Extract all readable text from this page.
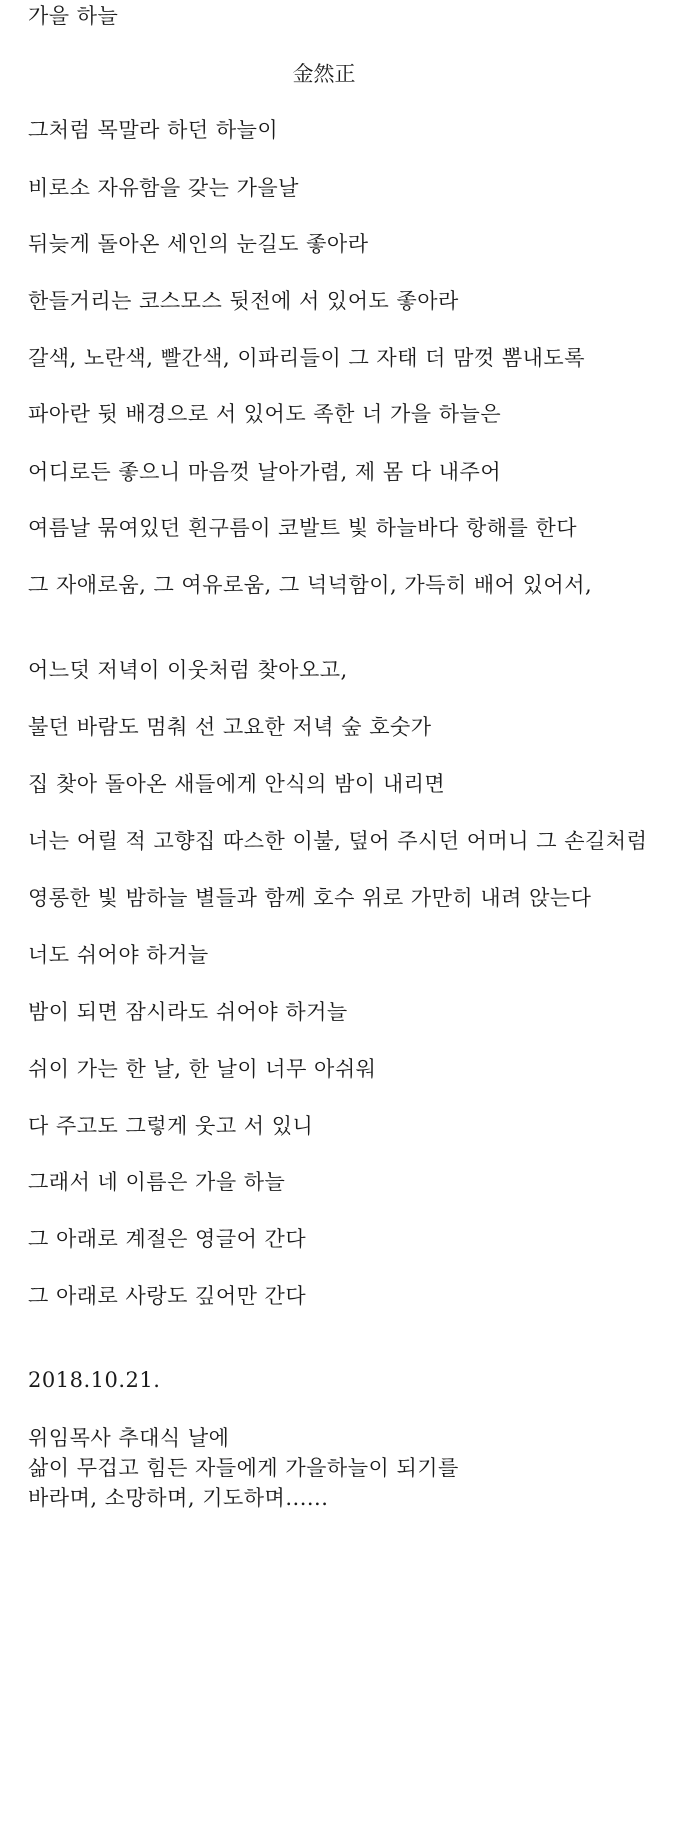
가을 하늘
金然正
그처럼 목말라 하던 하늘이
비로소 자유함을 갖는 가을날
뒤늦게 돌아온 세인의 눈길도 좋아라
한들거리는 코스모스 뒷전에 서 있어도 좋아라
갈색, 노란색, 빨간색, 이파리들이 그 자태 더 맘껏 뽐내도록
파아란 뒷 배경으로 서 있어도 족한 너 가을 하늘은
어디로든 좋으니 마음껏 날아가렴, 제 몸 다 내주어
여름날 묶여있던 흰구름이 코발트 빛 하늘바다 항해를 한다
그 자애로움, 그 여유로움, 그 넉넉함이, 가득히 배어 있어서,
어느덧 저녁이 이웃처럼 찾아오고,
불던 바람도 멈춰 선 고요한 저녁 숲 호숫가
집 찾아 돌아온 새들에게 안식의 밤이 내리면
너는 어릴 적 고향집 따스한 이불, 덮어 주시던 어머니 그 손길처럼
영롱한 빛 밤하늘 별들과 함께 호수 위로 가만히 내려 앉는다
너도 쉬어야 하거늘
밤이 되면 잠시라도 쉬어야 하거늘
쉬이 가는 한 날, 한 날이 너무 아쉬워
다 주고도 그렇게 웃고 서 있니
그래서 네 이름은 가을 하늘
그 아래로 계절은 영글어 간다
그 아래로 사랑도 깊어만 간다
2018.10.21.
위임목사 추대식 날에
삶이 무겁고 힘든 자들에게 가을하늘이 되기를
바라며, 소망하며, 기도하며......
